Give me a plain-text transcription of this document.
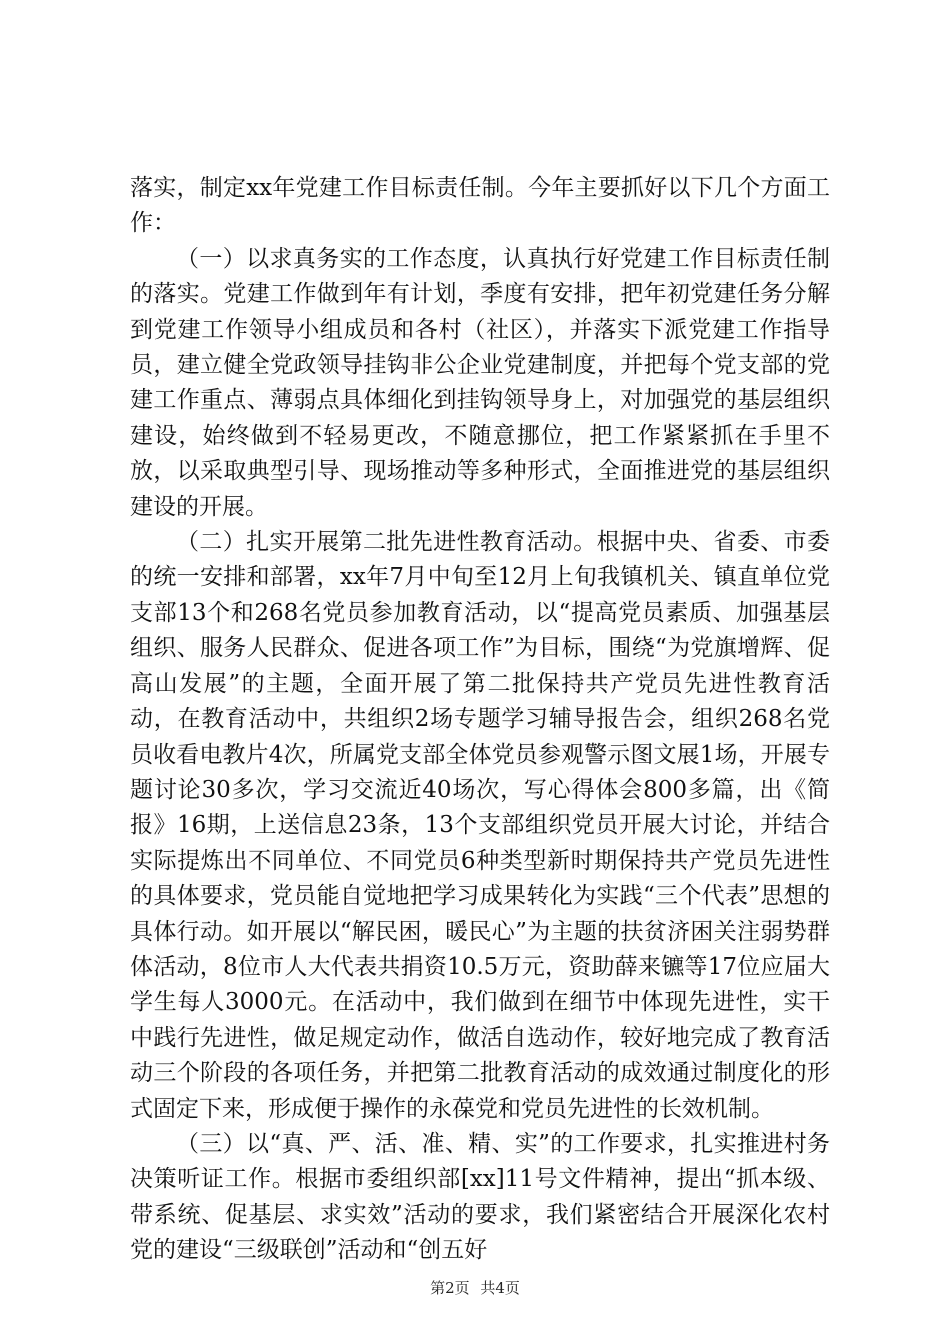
落实，制定xx年党建工作目标责任制。今年主要抓好以下几个方面工作：

（一）以求真务实的工作态度，认真执行好党建工作目标责任制的落实。党建工作做到年有计划，季度有安排，把年初党建任务分解到党建工作领导小组成员和各村（社区），并落实下派党建工作指导员，建立健全党政领导挂钩非公企业党建制度，并把每个党支部的党建工作重点、薄弱点具体细化到挂钩领导身上，对加强党的基层组织建设，始终做到不轻易更改，不随意挪位，把工作紧紧抓在手里不放，以采取典型引导、现场推动等多种形式，全面推进党的基层组织建设的开展。

（二）扎实开展第二批先进性教育活动。根据中央、省委、市委的统一安排和部署，xx年7月中旬至12月上旬我镇机关、镇直单位党支部13个和268名党员参加教育活动，以“提高党员素质、加强基层组织、服务人民群众、促进各项工作”为目标，围绕“为党旗增辉、促高山发展”的主题，全面开展了第二批保持共产党员先进性教育活动，在教育活动中，共组织2场专题学习辅导报告会，组织268名党员收看电教片4次，所属党支部全体党员参观警示图文展1场，开展专题讨论30多次，学习交流近40场次，写心得体会800多篇，出《简报》16期，上送信息23条，13个支部组织党员开展大讨论，并结合实际提炼出不同单位、不同党员6种类型新时期保持共产党员先进性的具体要求，党员能自觉地把学习成果转化为实践“三个代表”思想的具体行动。如开展以“解民困，暖民心”为主题的扶贫济困关注弱势群体活动，8位市人大代表共捐资10.5万元，资助薛来镳等17位应届大学生每人3000元。在活动中，我们做到在细节中体现先进性，实干中践行先进性，做足规定动作，做活自选动作，较好地完成了教育活动三个阶段的各项任务，并把第二批教育活动的成效通过制度化的形式固定下来，形成便于操作的永葆党和党员先进性的长效机制。

（三）以“真、严、活、准、精、实”的工作要求，扎实推进村务决策听证工作。根据市委组织部[xx]11号文件精神，提出“抓本级、带系统、促基层、求实效”活动的要求，我们紧密结合开展深化农村党的建设“三级联创”活动和“创五好

第2页 共4页
